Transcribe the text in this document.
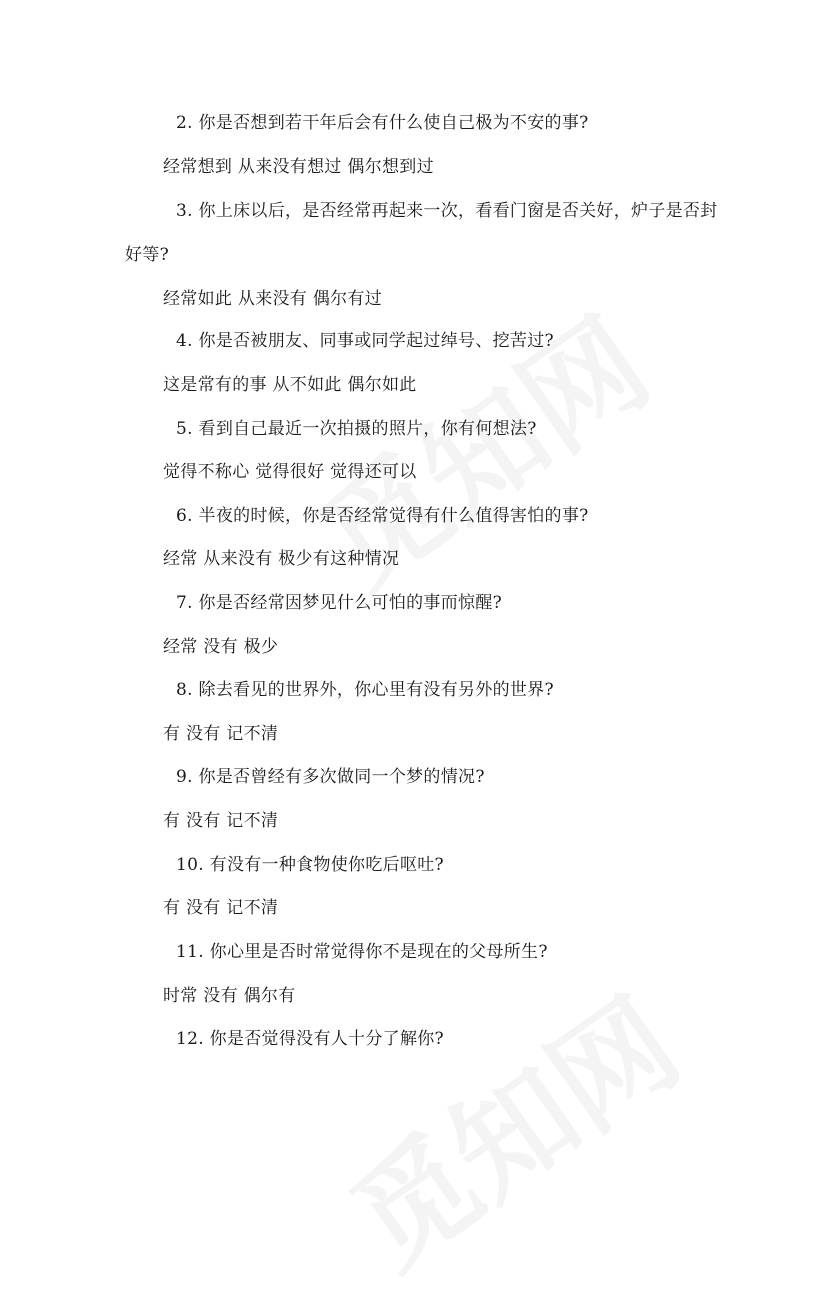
2. 你是否想到若干年后会有什么使自己极为不安的事?
经常想到 从来没有想过 偶尔想到过
3. 你上床以后，是否经常再起来一次，看看门窗是否关好，炉子是否封
好等?
经常如此 从来没有 偶尔有过
4. 你是否被朋友、同事或同学起过绰号、挖苦过?
这是常有的事 从不如此 偶尔如此
5. 看到自己最近一次拍摄的照片，你有何想法?
觉得不称心 觉得很好 觉得还可以
6. 半夜的时候，你是否经常觉得有什么值得害怕的事?
经常 从来没有 极少有这种情况
7. 你是否经常因梦见什么可怕的事而惊醒?
经常 没有 极少
8. 除去看见的世界外，你心里有没有另外的世界?
有 没有 记不清
9. 你是否曾经有多次做同一个梦的情况?
有 没有 记不清
10. 有没有一种食物使你吃后呕吐?
有 没有 记不清
11. 你心里是否时常觉得你不是现在的父母所生?
时常 没有 偶尔有
12. 你是否觉得没有人十分了解你?
